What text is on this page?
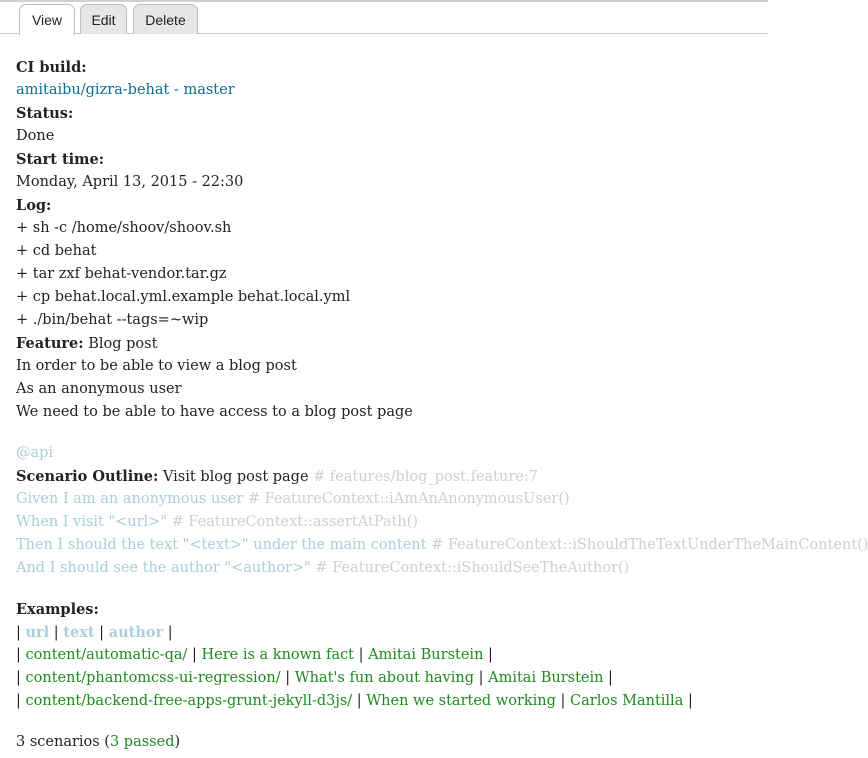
View	Edit	Delete
CI build:
amitaibu/gizra-behat - master
Status:
Done
Start time:
Monday, April 13, 2015 - 22:30
Log:
+ sh -c /home/shoov/shoov.sh
+ cd behat
+ tar zxf behat-vendor.tar.gz
+ cp behat.local.yml.example behat.local.yml
+ ./bin/behat --tags=~wip
Feature: Blog post
In order to be able to view a blog post
As an anonymous user
We need to be able to have access to a blog post page
@api
Scenario Outline: Visit blog post page # features/blog_post.feature:7
Given I am an anonymous user # FeatureContext::iAmAnAnonymousUser()
When I visit "<url>" # FeatureContext::assertAtPath()
Then I should the text "<text>" under the main content # FeatureContext::iShouldTheTextUnderTheMainContent()
And I should see the author "<author>" # FeatureContext::iShouldSeeTheAuthor()
Examples:
| url | text | author |
| content/automatic-qa/ | Here is a known fact | Amitai Burstein |
| content/phantomcss-ui-regression/ | What's fun about having | Amitai Burstein |
| content/backend-free-apps-grunt-jekyll-d3js/ | When we started working | Carlos Mantilla |
3 scenarios (3 passed)
